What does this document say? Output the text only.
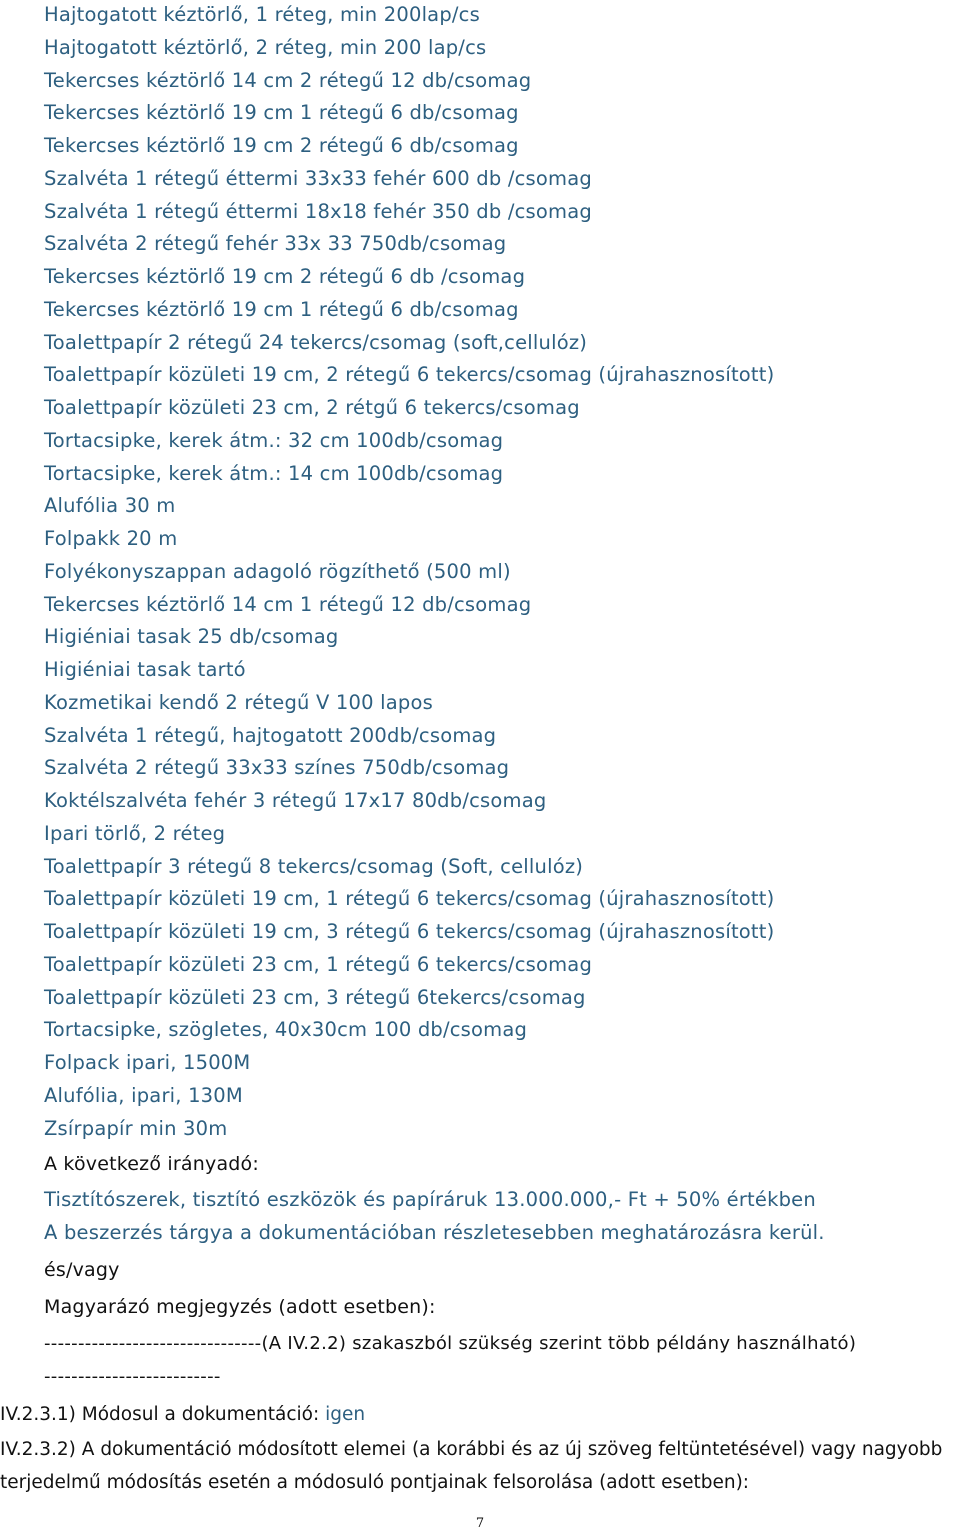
Hajtogatott kéztörlő, 1 réteg, min 200lap/cs
Hajtogatott kéztörlő, 2 réteg, min 200 lap/cs
Tekercses kéztörlő 14 cm 2 rétegű 12 db/csomag
Tekercses kéztörlő 19 cm 1 rétegű 6 db/csomag
Tekercses kéztörlő 19 cm 2 rétegű 6 db/csomag
Szalvéta 1 rétegű éttermi 33x33 fehér 600 db /csomag
Szalvéta 1 rétegű éttermi 18x18 fehér 350 db /csomag
Szalvéta 2 rétegű fehér 33x 33 750db/csomag
Tekercses kéztörlő 19 cm 2 rétegű 6 db /csomag
Tekercses kéztörlő 19 cm 1 rétegű 6 db/csomag
Toalettpapír 2 rétegű 24 tekercs/csomag (soft,cellulóz)
Toalettpapír közületi 19 cm, 2 rétegű 6 tekercs/csomag (újrahasznosított)
Toalettpapír közületi 23 cm, 2 rétgű 6 tekercs/csomag
Tortacsipke, kerek átm.: 32 cm 100db/csomag
Tortacsipke, kerek átm.: 14 cm 100db/csomag
Alufólia 30 m
Folpakk 20 m
Folyékonyszappan adagoló rögzíthető (500 ml)
Tekercses kéztörlő 14 cm 1 rétegű 12 db/csomag
Higiéniai tasak 25 db/csomag
Higiéniai tasak tartó
Kozmetikai kendő 2 rétegű V 100 lapos
Szalvéta 1 rétegű, hajtogatott 200db/csomag
Szalvéta 2 rétegű 33x33 színes 750db/csomag
Koktélszalvéta fehér 3 rétegű 17x17 80db/csomag
Ipari törlő, 2 réteg
Toalettpapír 3 rétegű 8 tekercs/csomag (Soft, cellulóz)
Toalettpapír közületi 19 cm, 1 rétegű 6 tekercs/csomag (újrahasznosított)
Toalettpapír közületi 19 cm, 3 rétegű 6 tekercs/csomag (újrahasznosított)
Toalettpapír közületi 23 cm, 1 rétegű 6 tekercs/csomag
Toalettpapír közületi 23 cm, 3 rétegű 6tekercs/csomag
Tortacsipke, szögletes, 40x30cm 100 db/csomag
Folpack ipari, 1500M
Alufólia, ipari, 130M
Zsírpapír min 30m
A következő irányadó:
Tisztítószerek, tisztító eszközök és papíráruk 13.000.000,- Ft + 50% értékben
A beszerzés tárgya a dokumentációban részletesebben meghatározásra kerül.
és/vagy
Magyarázó megjegyzés (adott esetben):
--------------------------------(A IV.2.2) szakaszból szükség szerint több példány használható)
--------------------------
IV.2.3.1) Módosul a dokumentáció: igen
IV.2.3.2) A dokumentáció módosított elemei (a korábbi és az új szöveg feltüntetésével) vagy nagyobb
terjedelmű módosítás esetén a módosuló pontjainak felsorolása (adott esetben):
7
